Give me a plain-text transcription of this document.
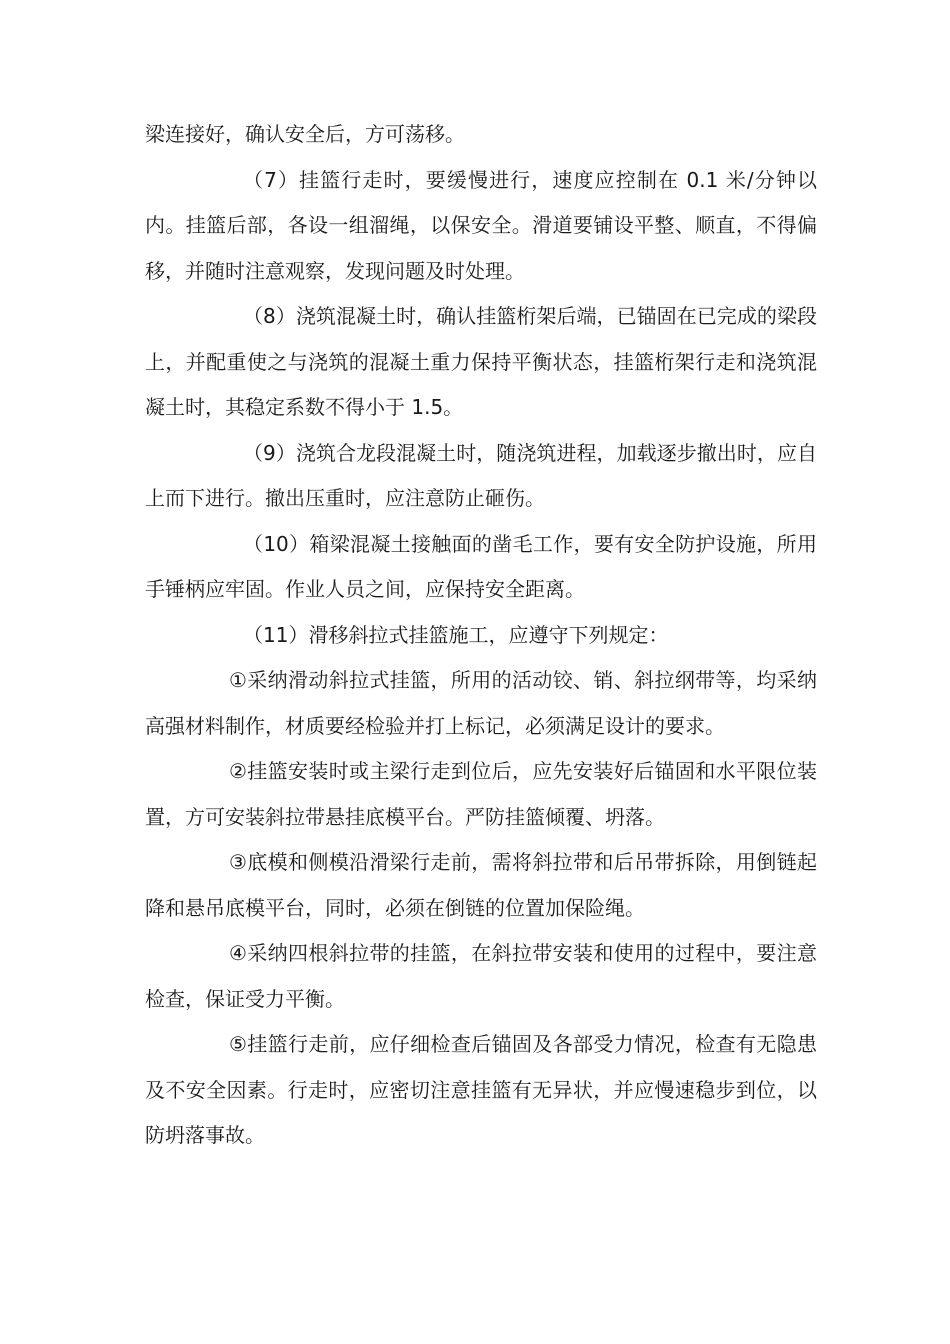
梁连接好，确认安全后，方可荡移。

（7）挂篮行走时，要缓慢进行，速度应控制在 0.1 米/分钟以内。挂篮后部，各设一组溜绳，以保安全。滑道要铺设平整、顺直，不得偏移，并随时注意观察，发现问题及时处理。

（8）浇筑混凝土时，确认挂篮桁架后端，已锚固在已完成的梁段上，并配重使之与浇筑的混凝土重力保持平衡状态，挂篮桁架行走和浇筑混凝土时，其稳定系数不得小于 1.5。

（9）浇筑合龙段混凝土时，随浇筑进程，加载逐步撤出时，应自上而下进行。撤出压重时，应注意防止砸伤。

（10）箱梁混凝土接触面的凿毛工作，要有安全防护设施，所用手锤柄应牢固。作业人员之间，应保持安全距离。

（11）滑移斜拉式挂篮施工，应遵守下列规定：

①采纳滑动斜拉式挂篮，所用的活动铰、销、斜拉纲带等，均采纳高强材料制作，材质要经检验并打上标记，必须满足设计的要求。

②挂篮安装时或主梁行走到位后，应先安装好后锚固和水平限位装置，方可安装斜拉带悬挂底模平台。严防挂篮倾覆、坍落。

③底模和侧模沿滑梁行走前，需将斜拉带和后吊带拆除，用倒链起降和悬吊底模平台，同时，必须在倒链的位置加保险绳。

④采纳四根斜拉带的挂篮，在斜拉带安装和使用的过程中，要注意检查，保证受力平衡。

⑤挂篮行走前，应仔细检查后锚固及各部受力情况，检查有无隐患及不安全因素。行走时，应密切注意挂篮有无异状，并应慢速稳步到位，以防坍落事故。
